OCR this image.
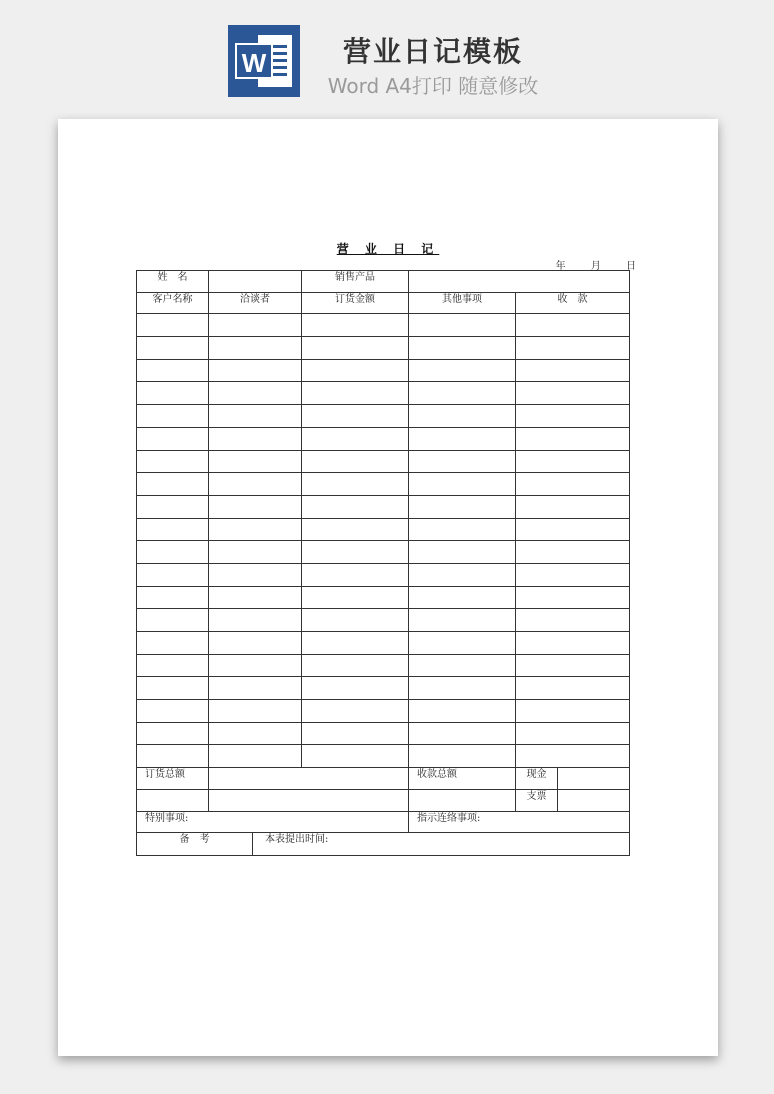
W	营业日记模板
Word A4打印 随意修改
营 业 日 记
年 月 日
姓　名		销售产品			
客户名称	洽谈者	订货金额	其他事项	收　款	

订货总额			收款总额	现金	
				支票	
特别事项:			指示连络事项:		

备　考 本表提出时间:					
